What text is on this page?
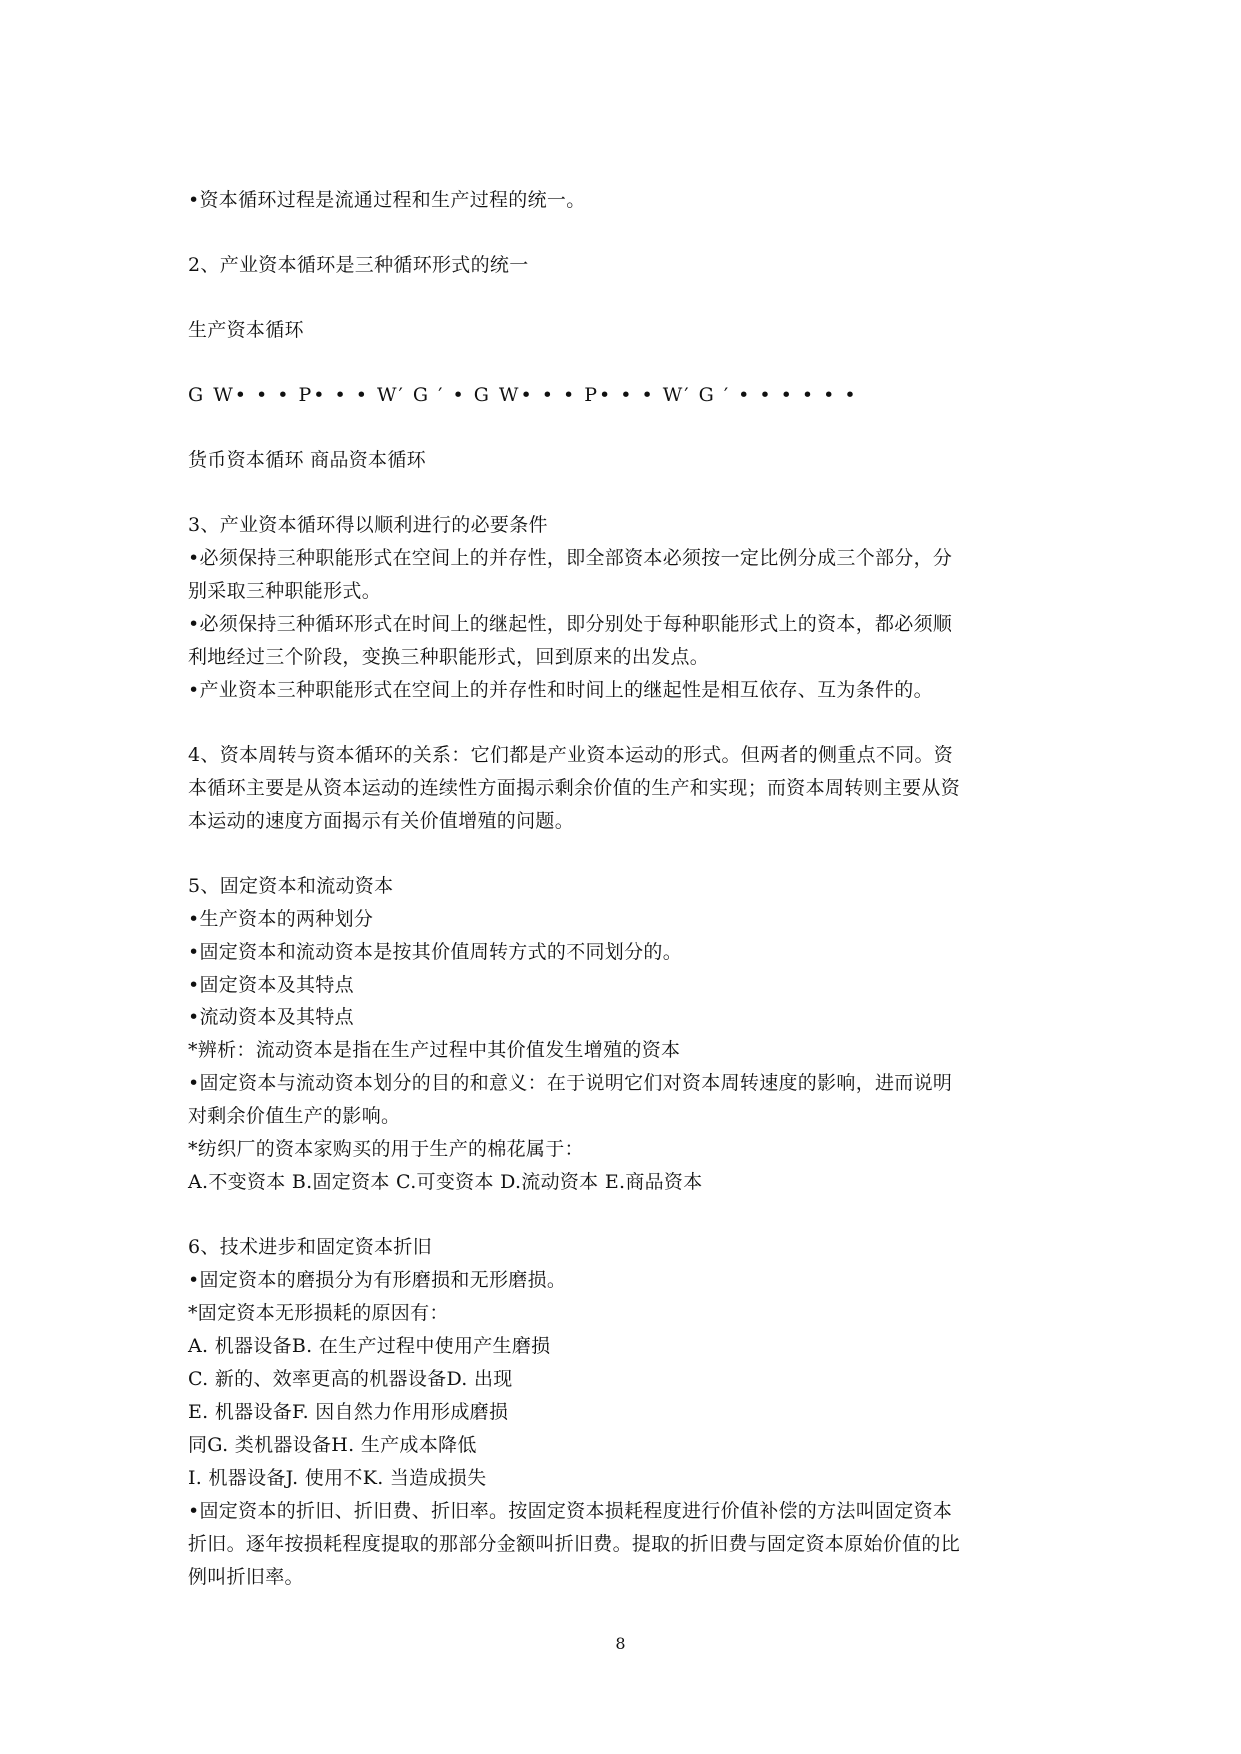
•资本循环过程是流通过程和生产过程的统一。
2、产业资本循环是三种循环形式的统一
生产资本循环
G W• • • P• • • W′ G ′ • G W• • • P• • • W′ G ′ • • • • • •
货币资本循环 商品资本循环
3、产业资本循环得以顺利进行的必要条件
•必须保持三种职能形式在空间上的并存性，即全部资本必须按一定比例分成三个部分，分
别采取三种职能形式。
•必须保持三种循环形式在时间上的继起性，即分别处于每种职能形式上的资本，都必须顺
利地经过三个阶段，变换三种职能形式，回到原来的出发点。
•产业资本三种职能形式在空间上的并存性和时间上的继起性是相互依存、互为条件的。
4、资本周转与资本循环的关系：它们都是产业资本运动的形式。但两者的侧重点不同。资
本循环主要是从资本运动的连续性方面揭示剩余价值的生产和实现；而资本周转则主要从资
本运动的速度方面揭示有关价值增殖的问题。
5、固定资本和流动资本
•生产资本的两种划分
•固定资本和流动资本是按其价值周转方式的不同划分的。
•固定资本及其特点
•流动资本及其特点
*辨析：流动资本是指在生产过程中其价值发生增殖的资本
•固定资本与流动资本划分的目的和意义：在于说明它们对资本周转速度的影响，进而说明
对剩余价值生产的影响。
*纺织厂的资本家购买的用于生产的棉花属于：
A.不变资本 B.固定资本 C.可变资本 D.流动资本 E.商品资本
6、技术进步和固定资本折旧
•固定资本的磨损分为有形磨损和无形磨损。
*固定资本无形损耗的原因有：
A. 机器设备B. 在生产过程中使用产生磨损
C. 新的、效率更高的机器设备D. 出现
E. 机器设备F. 因自然力作用形成磨损
同G. 类机器设备H. 生产成本降低
I. 机器设备J. 使用不K. 当造成损失
•固定资本的折旧、折旧费、折旧率。按固定资本损耗程度进行价值补偿的方法叫固定资本
折旧。逐年按损耗程度提取的那部分金额叫折旧费。提取的折旧费与固定资本原始价值的比
例叫折旧率。
8
